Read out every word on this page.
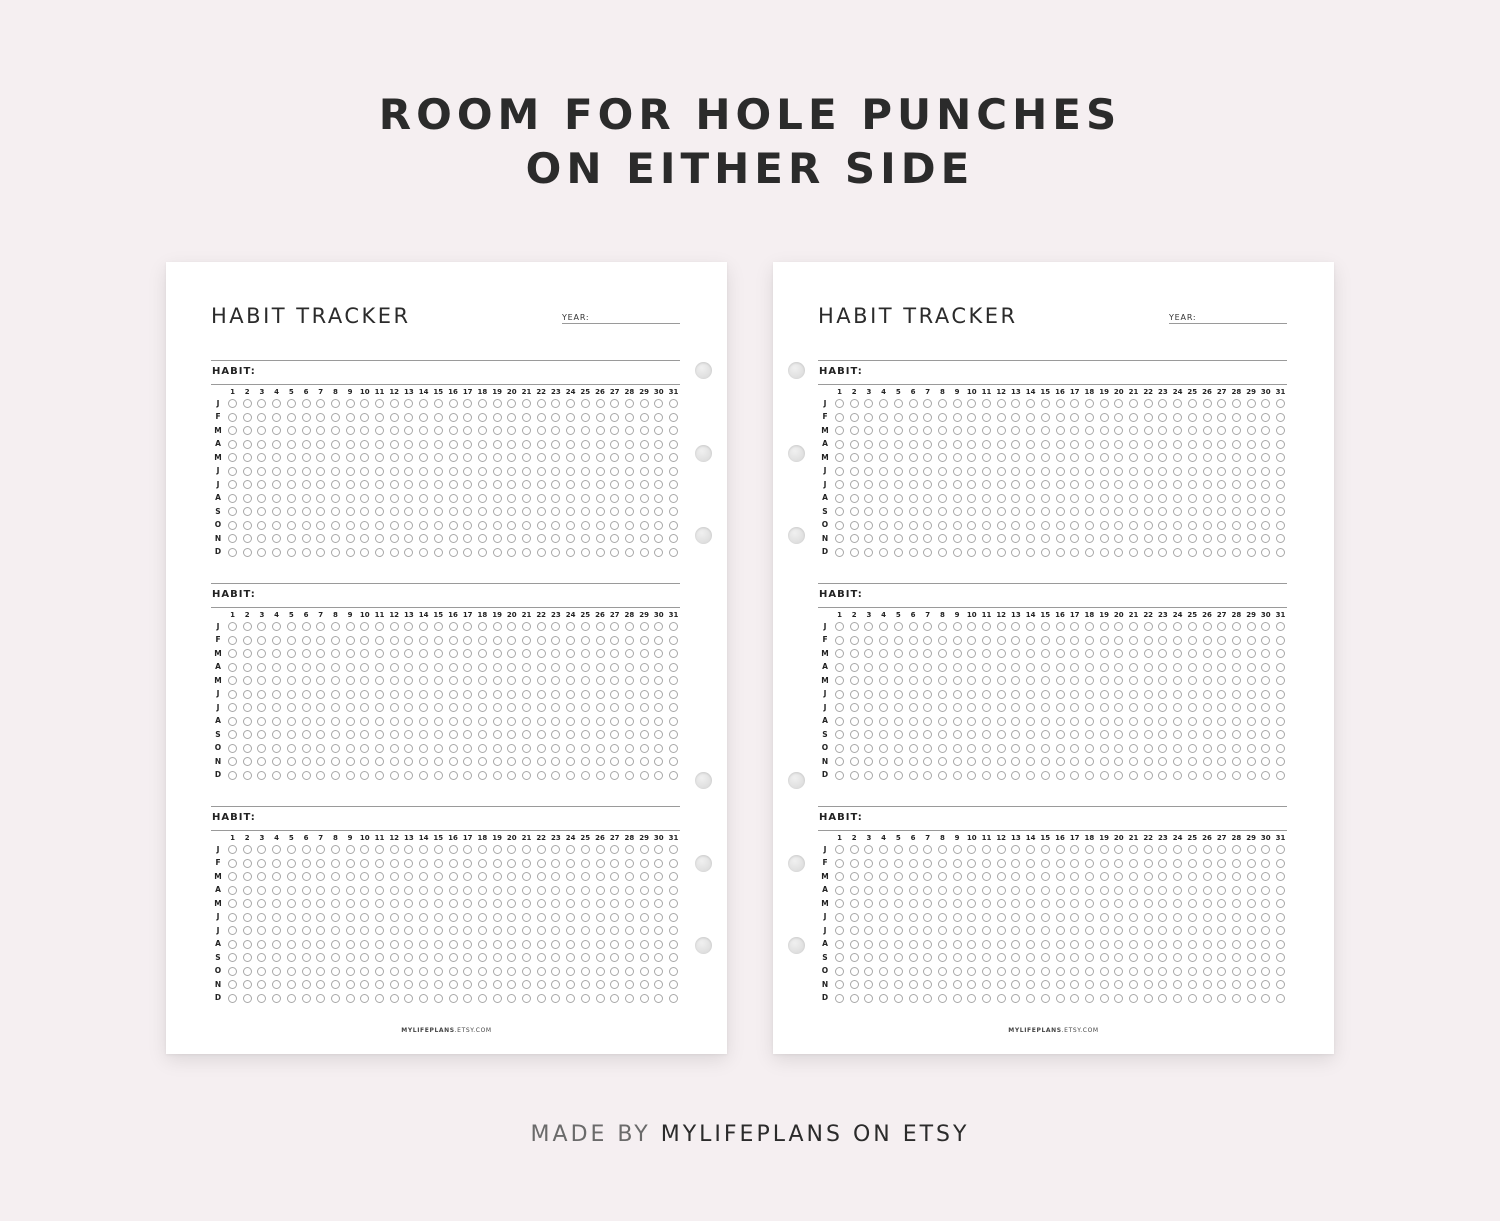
ROOM FOR HOLE PUNCHES
ON EITHER SIDE
HABIT TRACKER	YEAR:
HABIT:
1	2	3	4	5	6	7	8	9	10 11 12 13 14 15 16 17 18 19 20 21 22 23 24 25 26 27 28 29 30 31
J
F
M
A
M
J
J
A
S
O
N
D
HABIT:
1	2	3	4	5	6	7	8	9	10 11 12 13 14 15 16 17 18 19 20 21 22 23 24 25 26 27 28 29 30 31
J
F
M
A
M
J
J
A
S
O
N
D
HABIT:
1	2	3	4	5	6	7	8	9	10 11 12 13 14 15 16 17 18 19 20 21 22 23 24 25 26 27 28 29 30 31
J
F
M
A
M
J
J
A
S
O
N
D
MYLIFEPLANS.ETSY.COM
HABIT TRACKER	YEAR:
HABIT:
1	2	3	4	5	6	7	8	9	10 11 12 13 14 15 16 17 18 19 20 21 22 23 24 25 26 27 28 29 30 31
J
F
M
A
M
J
J
A
S
O
N
D
HABIT:
1	2	3	4	5	6	7	8	9	10 11 12 13 14 15 16 17 18 19 20 21 22 23 24 25 26 27 28 29 30 31
J
F
M
A
M
J
J
A
S
O
N
D
HABIT:
1	2	3	4	5	6	7	8	9	10 11 12 13 14 15 16 17 18 19 20 21 22 23 24 25 26 27 28 29 30 31
J
F
M
A
M
J
J
A
S
O
N
D
MYLIFEPLANS.ETSY.COM
MADE BY MYLIFEPLANS ON ETSY
